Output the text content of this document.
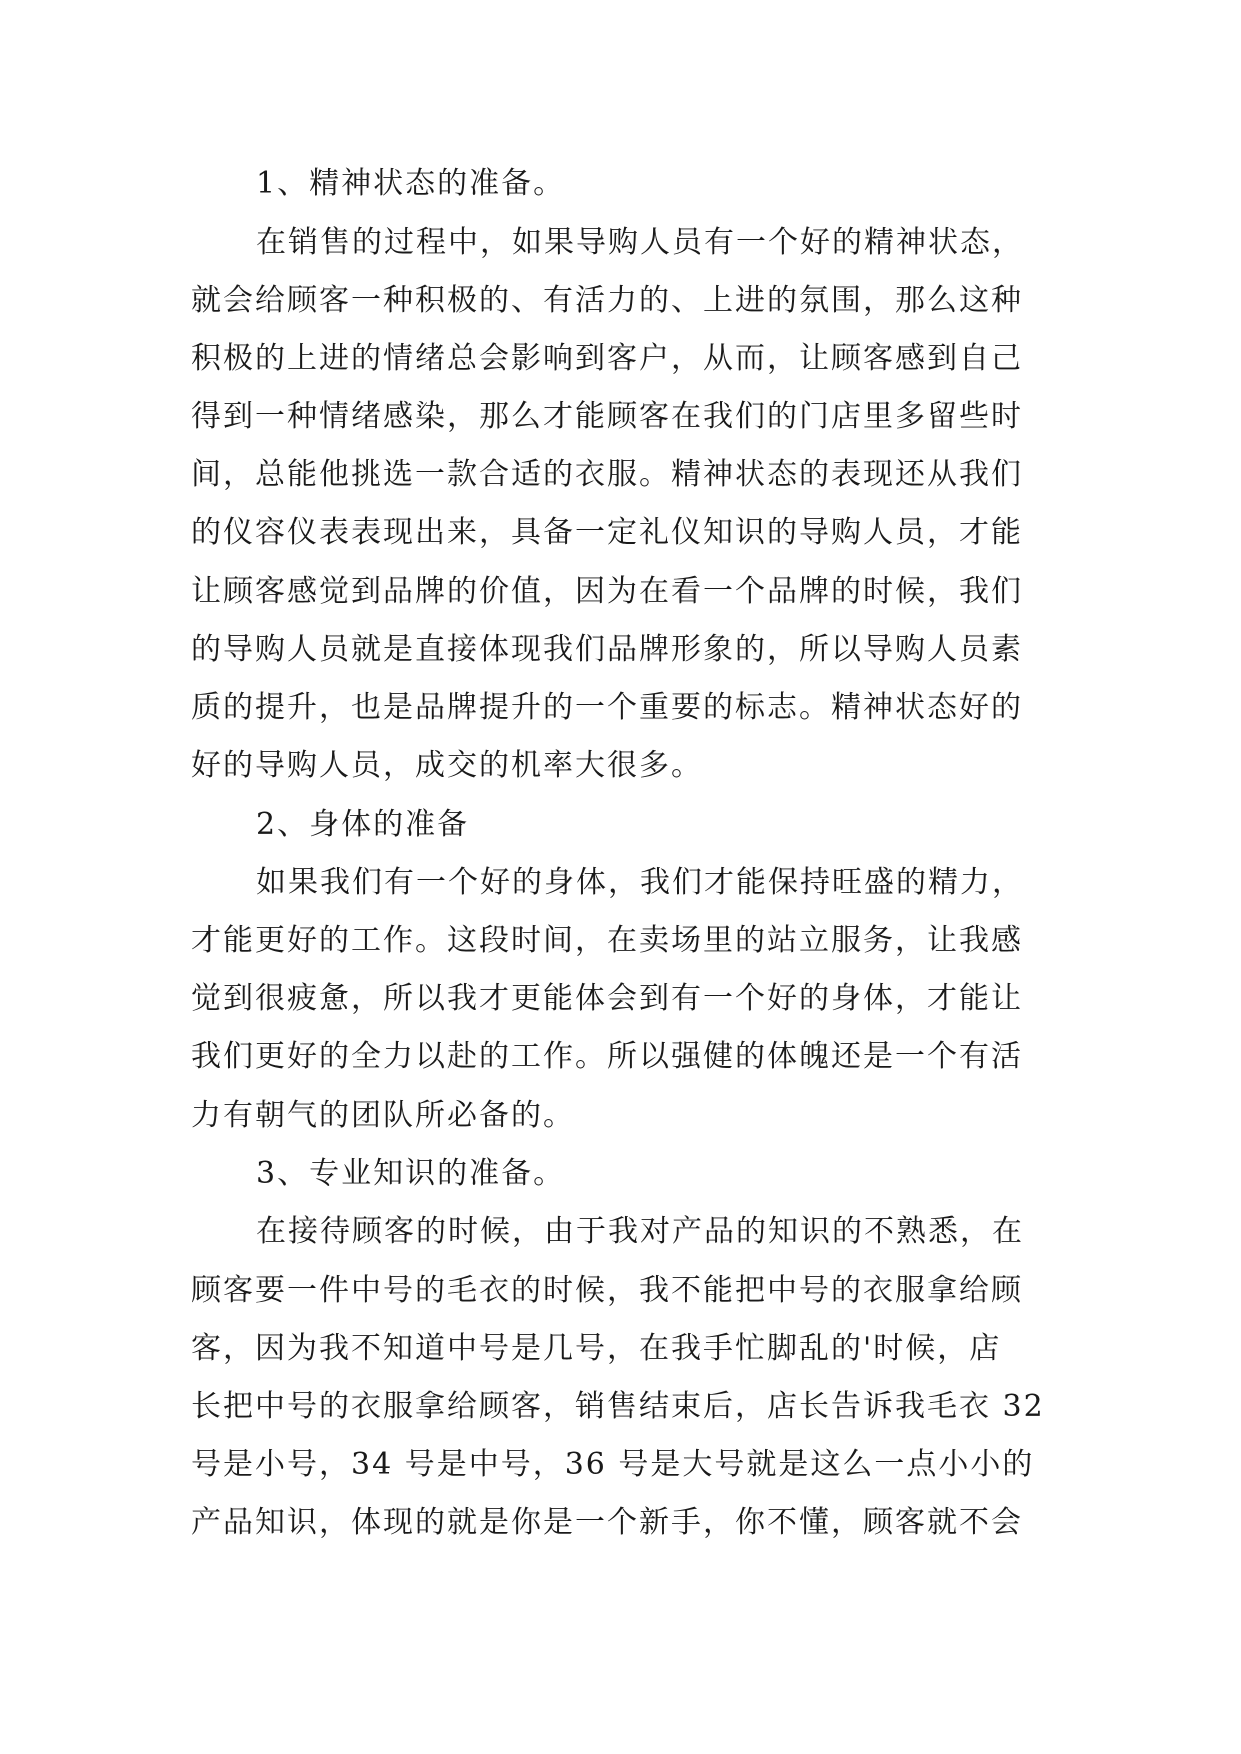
1、精神状态的准备。
在销售的过程中，如果导购人员有一个好的精神状态，
就会给顾客一种积极的、有活力的、上进的氛围，那么这种
积极的上进的情绪总会影响到客户，从而，让顾客感到自己
得到一种情绪感染，那么才能顾客在我们的门店里多留些时
间，总能他挑选一款合适的衣服。精神状态的表现还从我们
的仪容仪表表现出来，具备一定礼仪知识的导购人员，才能
让顾客感觉到品牌的价值，因为在看一个品牌的时候，我们
的导购人员就是直接体现我们品牌形象的，所以导购人员素
质的提升，也是品牌提升的一个重要的标志。精神状态好的
好的导购人员，成交的机率大很多。
2、身体的准备
如果我们有一个好的身体，我们才能保持旺盛的精力，
才能更好的工作。这段时间，在卖场里的站立服务，让我感
觉到很疲惫，所以我才更能体会到有一个好的身体，才能让
我们更好的全力以赴的工作。所以强健的体魄还是一个有活
力有朝气的团队所必备的。
3、专业知识的准备。
在接待顾客的时候，由于我对产品的知识的不熟悉，在
顾客要一件中号的毛衣的时候，我不能把中号的衣服拿给顾
客，因为我不知道中号是几号，在我手忙脚乱的'时候，店
长把中号的衣服拿给顾客，销售结束后，店长告诉我毛衣 32
号是小号，34 号是中号，36 号是大号就是这么一点小小的
产品知识，体现的就是你是一个新手，你不懂，顾客就不会
